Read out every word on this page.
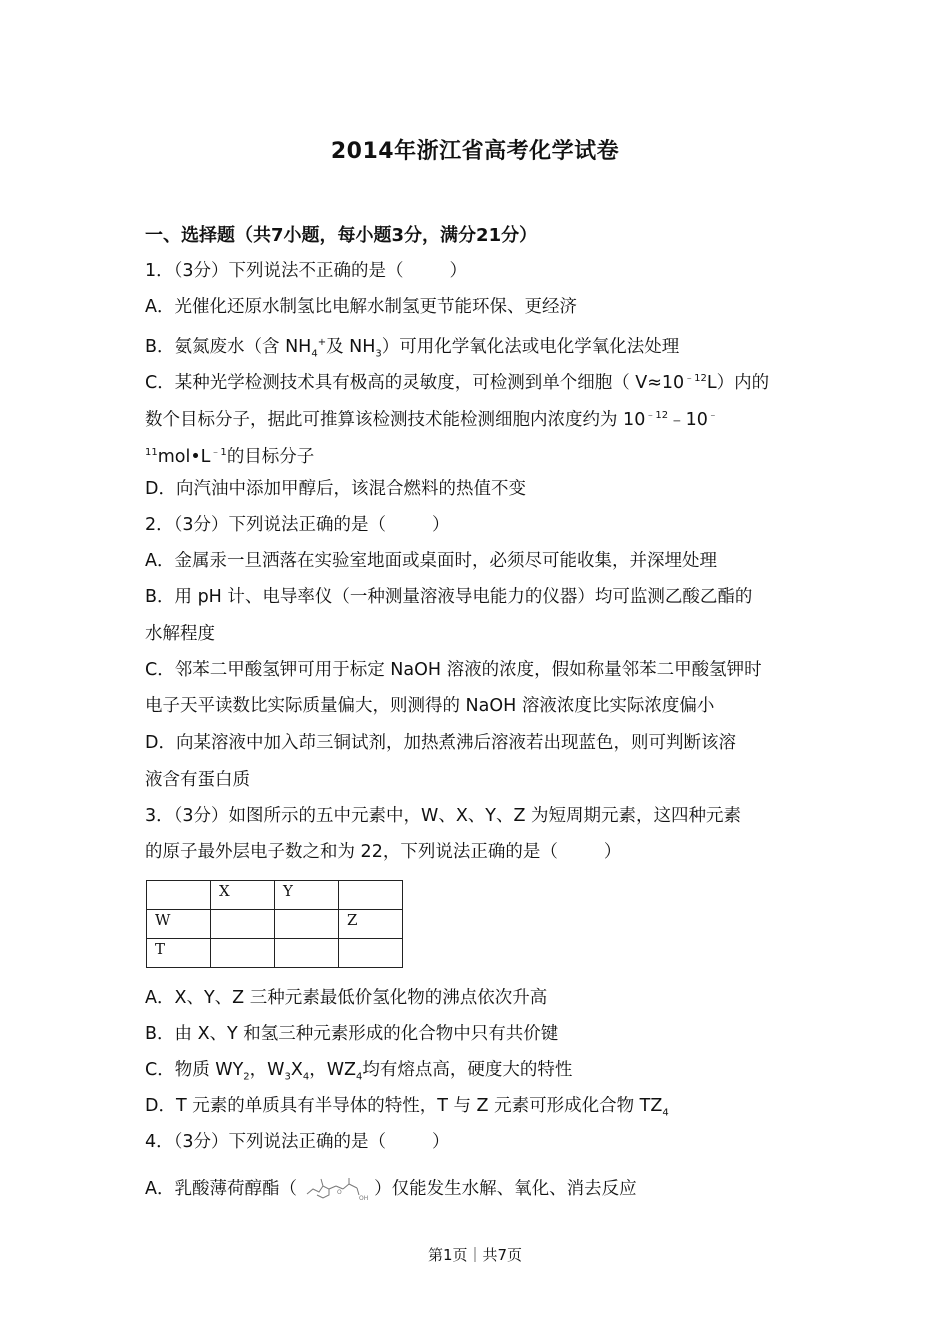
2014年浙江省高考化学试卷
一、选择题（共7小题，每小题3分，满分21分）
1．（3分）下列说法不正确的是（	）
A．光催化还原水制氢比电解水制氢更节能环保、更经济
B．氨氮废水（含 $NH_4^+$及 $NH_3$）可用化学氧化法或电化学氧化法处理
C．某种光学检测技术具有极高的灵敏度，可检测到单个细胞（ $V\approx 10^{﹣12}L$）内的
数个目标分子，据此可推算该检测技术能检测细胞内浓度约为 $10^{﹣12}﹣10^﹣$
$^{11}mol•L^{﹣1}$的目标分子
D．向汽油中添加甲醇后，该混合燃料的热值不变
2．（3分）下列说法正确的是（	）
A．金属汞一旦洒落在实验室地面或桌面时，必须尽可能收集，并深埋处理
B．用 pH 计、电导率仪（一种测量溶液导电能力的仪器）均可监测乙酸乙酯的
水解程度
C．邻苯二甲酸氢钾可用于标定 NaOH 溶液的浓度，假如称量邻苯二甲酸氢钾时
电子天平读数比实际质量偏大，则测得的 NaOH 溶液浓度比实际浓度偏小
D．向某溶液中加入茚三铜试剂，加热煮沸后溶液若出现蓝色，则可判断该溶
液含有蛋白质
3．（3分）如图所示的五中元素中，W、X、Y、Z 为短周期元素，这四种元素
的原子最外层电子数之和为 22，下列说法正确的是（	）
	X	Y	
W			Z
T			
A．X、Y、Z 三种元素最低价氢化物的沸点依次升高
B．由 X、Y 和氢三种元素形成的化合物中只有共价键
C．物质 $WY_2$，$W_3X_4$，$WZ_4$均有熔点高，硬度大的特性
D．T 元素的单质具有半导体的特性，T 与 Z 元素可形成化合物 $TZ_4$
4．（3分）下列说法正确的是（	）
A．乳酸薄荷醇酯（	OH
O ）仅能发生水解、氧化、消去反应
第1页｜共7页
